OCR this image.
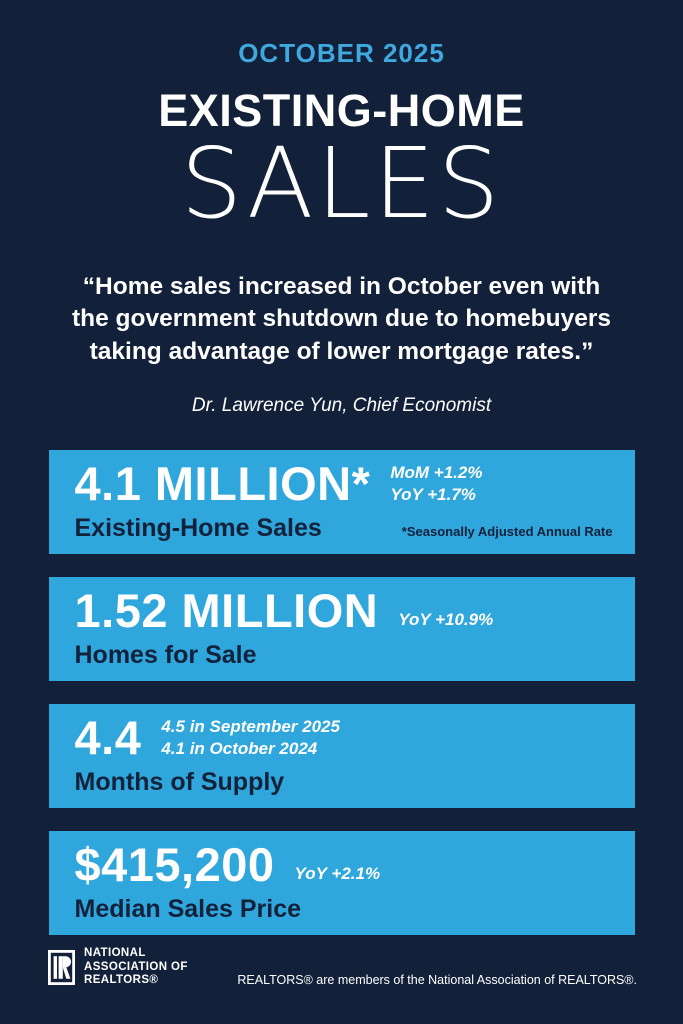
OCTOBER 2025
EXISTING-HOME
SALES
“Home sales increased in October even with
the government shutdown due to homebuyers
taking advantage of lower mortgage rates.”
Dr. Lawrence Yun, Chief Economist
4.1 MILLION* MoM +1.2%
YoY +1.7%
Existing-Home Sales	*Seasonally Adjusted Annual Rate
1.52 MILLION YoY +10.9%
Homes for Sale
4.4 4.5 in September 2025
4.1 in October 2024
Months of Supply
$415,200 YoY +2.1%
Median Sales Price
NATIONAL
ASSOCIATION OF
REALTORS®	REALTORS® are members of the National Association of REALTORS®.
